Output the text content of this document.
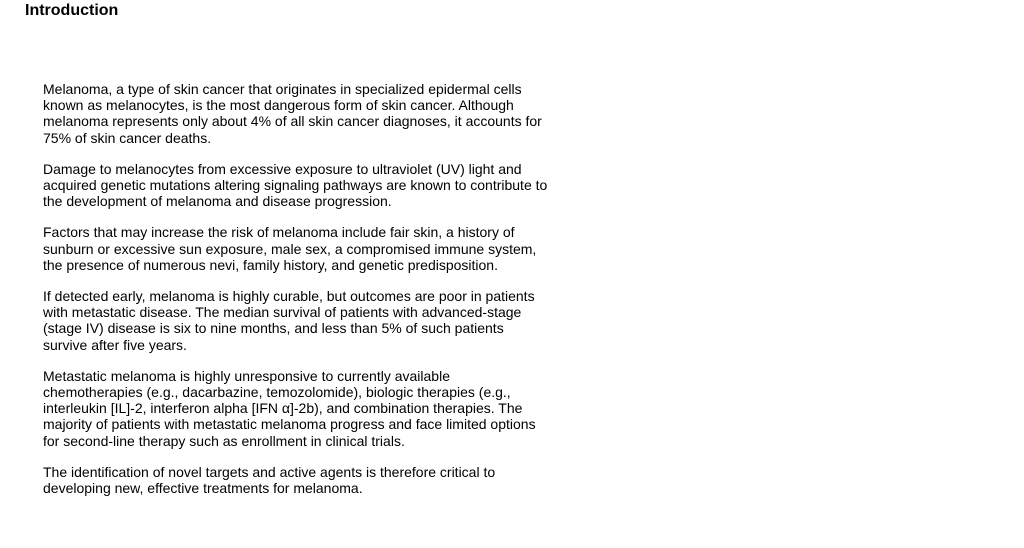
Introduction

Melanoma, a type of skin cancer that originates in specialized epidermal cells known as melanocytes, is the most dangerous form of skin cancer. Although melanoma represents only about 4% of all skin cancer diagnoses, it accounts for 75% of skin cancer deaths.

Damage to melanocytes from excessive exposure to ultraviolet (UV) light and acquired genetic mutations altering signaling pathways are known to contribute to the development of melanoma and disease progression.

Factors that may increase the risk of melanoma include fair skin, a history of sunburn or excessive sun exposure, male sex, a compromised immune system, the presence of numerous nevi, family history, and genetic predisposition.

If detected early, melanoma is highly curable, but outcomes are poor in patients with metastatic disease. The median survival of patients with advanced-stage (stage IV) disease is six to nine months, and less than 5% of such patients survive after five years.

Metastatic melanoma is highly unresponsive to currently available chemotherapies (e.g., dacarbazine, temozolomide), biologic therapies (e.g., interleukin [IL]-2, interferon alpha [IFN α]-2b), and combination therapies. The majority of patients with metastatic melanoma progress and face limited options for second-line therapy such as enrollment in clinical trials.

The identification of novel targets and active agents is therefore critical to developing new, effective treatments for melanoma.
